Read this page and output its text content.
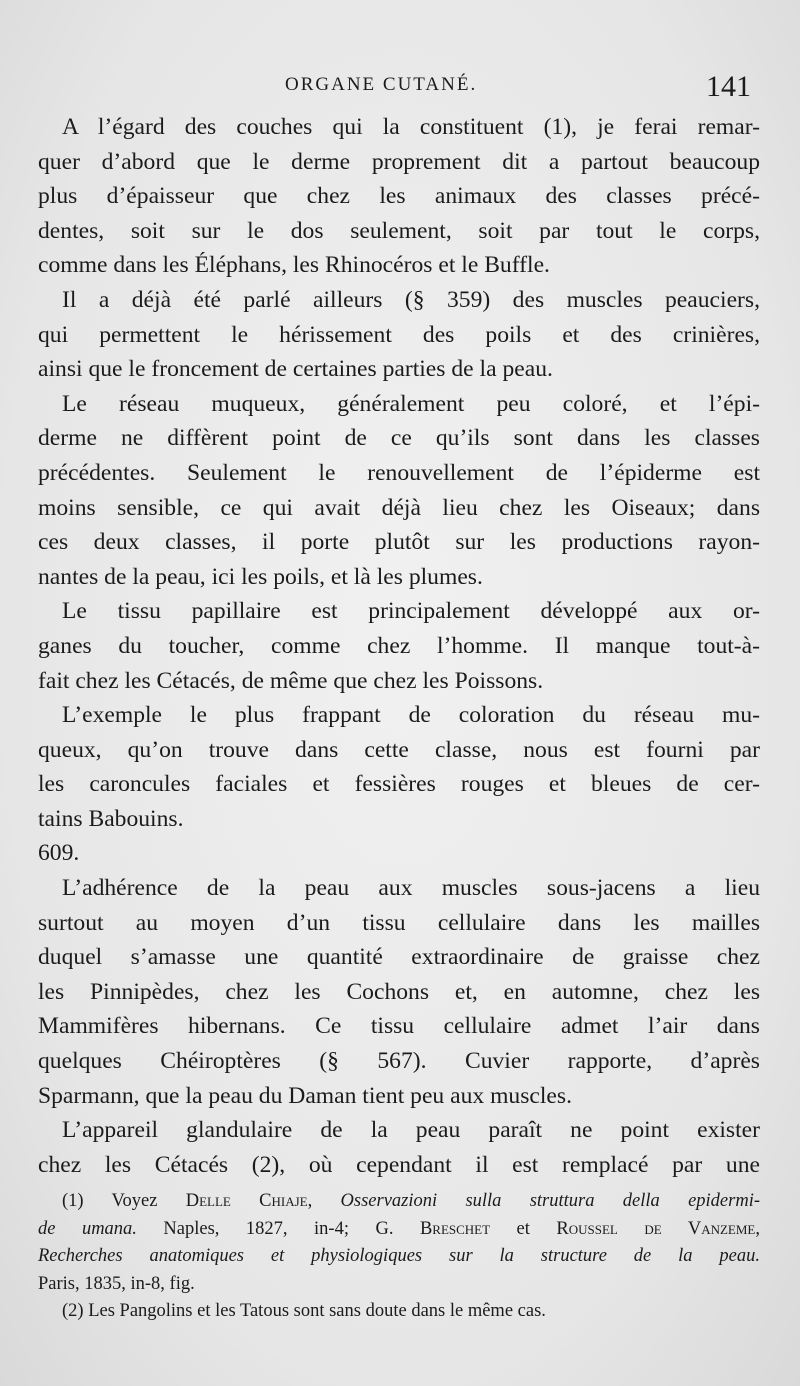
ORGANE CUTANÉ.	141

A l’égard des couches qui la constituent (1), je ferai remar-
quer d’abord que le derme proprement dit a partout beaucoup
plus d’épaisseur que chez les animaux des classes précé-
dentes, soit sur le dos seulement, soit par tout le corps,
comme dans les Éléphans, les Rhinocéros et le Buffle.

Il a déjà été parlé ailleurs (§ 359) des muscles peauciers,
qui permettent le hérissement des poils et des crinières,
ainsi que le froncement de certaines parties de la peau.

Le réseau muqueux, généralement peu coloré, et l’épi-
derme ne diffèrent point de ce qu’ils sont dans les classes
précédentes. Seulement le renouvellement de l’épiderme est
moins sensible, ce qui avait déjà lieu chez les Oiseaux; dans
ces deux classes, il porte plutôt sur les productions rayon-
nantes de la peau, ici les poils, et là les plumes.

Le tissu papillaire est principalement développé aux or-
ganes du toucher, comme chez l’homme. Il manque tout-à-
fait chez les Cétacés, de même que chez les Poissons.

L’exemple le plus frappant de coloration du réseau mu-
queux, qu’on trouve dans cette classe, nous est fourni par
les caroncules faciales et fessières rouges et bleues de cer-
tains Babouins.

609.

L’adhérence de la peau aux muscles sous-jacens a lieu
surtout au moyen d’un tissu cellulaire dans les mailles
duquel s’amasse une quantité extraordinaire de graisse chez
les Pinnipèdes, chez les Cochons et, en automne, chez les
Mammifères hibernans. Ce tissu cellulaire admet l’air dans
quelques Chéiroptères (§ 567). Cuvier rapporte, d’après
Sparmann, que la peau du Daman tient peu aux muscles.

L’appareil glandulaire de la peau paraît ne point exister
chez les Cétacés (2), où cependant il est remplacé par une

(1) Voyez Delle Chiaje, Osservazioni sulla struttura della epidermi-
de umana. Naples, 1827, in-4; G. Breschet et Roussel de Vanzeme,
Recherches anatomiques et physiologiques sur la structure de la peau.
Paris, 1835, in-8, fig.
(2) Les Pangolins et les Tatous sont sans doute dans le même cas.
